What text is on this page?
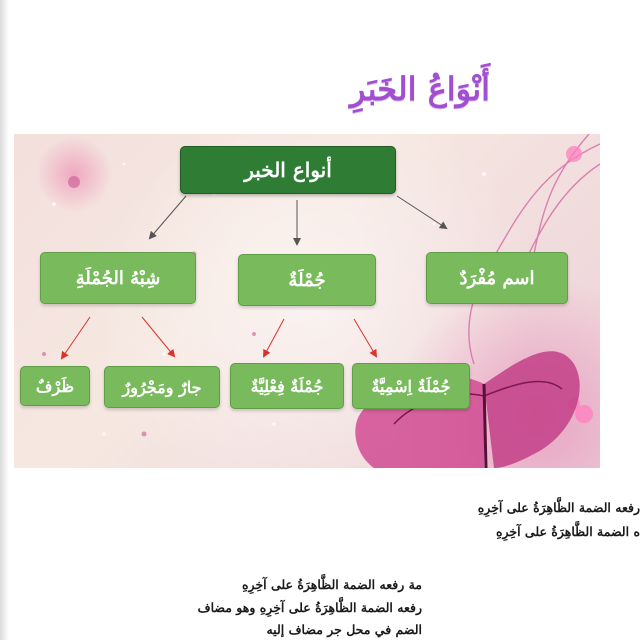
أَنْوَاعُ الخَبَرِ
أنواع الخبر
اسم مُفْرَدٌ
جُمْلَةٌ
شِبْهُ الجُمْلَةِ
جُمْلَةٌ اِسْمِيَّةٌ
جُمْلَةٌ فِعْلِيَّةٌ
جارٌ ومَجْرُورٌ
ظَرْفٌ
رفعه الضمة الظَّاهِرَةُ على آخِرِهِ
ه الضمة الظَّاهِرَةُ على آخِرِهِ
مة رفعه الضمة الظَّاهِرَةُ على آخِرِهِ
رفعه الضمة الظَّاهِرَةُ على آخِرِهِ وهو مضاف
الضم في محل جر مضاف إليه
